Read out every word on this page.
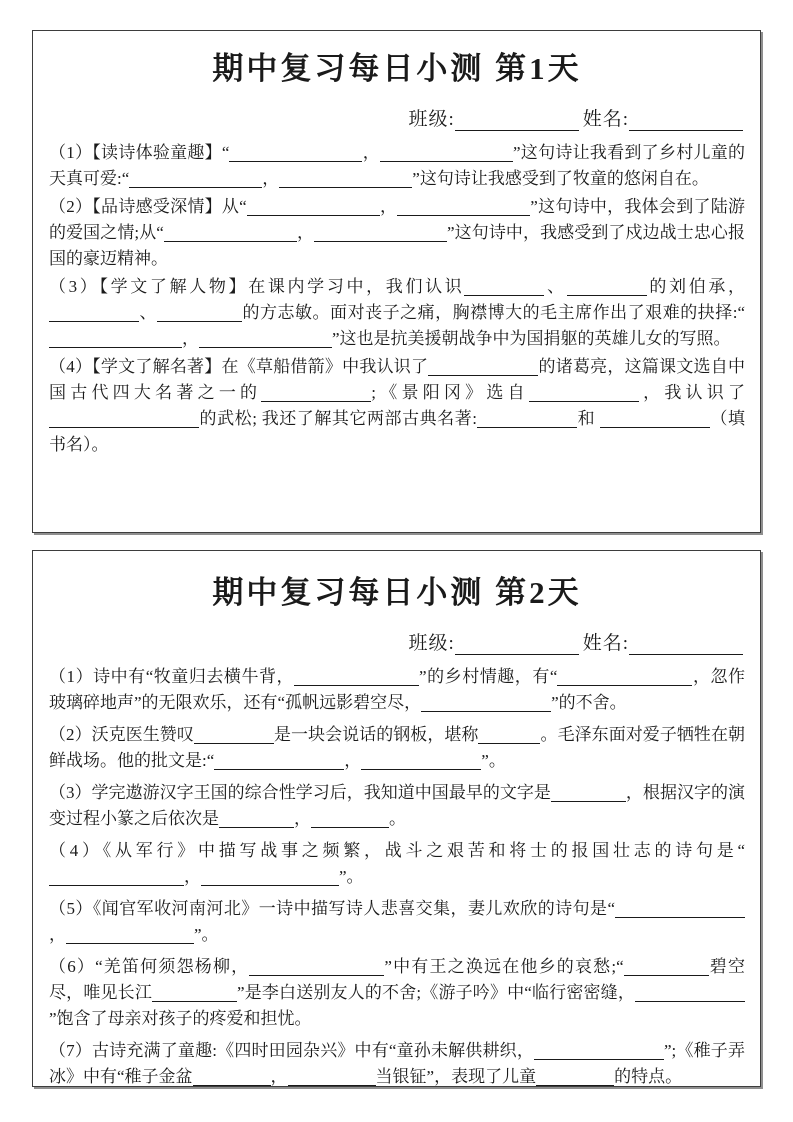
期中复习每日小测 第1天
班级:	姓名:

（1）【读诗体验童趣】“	，	”这句诗让我看到了乡村儿童的天真可爱:“	，	”这句诗让我感受到了牧童的悠闲自在。

（2）【品诗感受深情】从“	，	”这句诗中，我体会到了陆游的爱国之情;从“	，	”这句诗中，我感受到了戍边战士忠心报国的豪迈精神。

（3）【学文了解人物】在课内学习中，我们认识	、	的刘伯承，、	的方志敏。面对丧子之痛，胸襟博大的毛主席作出了艰难的抉择:“，	”这也是抗美援朝战争中为国捐躯的英雄儿女的写照。

（4）【学文了解名著】在《草船借箭》中我认识了	的诸葛亮，这篇课文选自中国古代四大名著之一的	;《景阳冈》选自	，我认识了的武松; 我还了解其它两部古典名著:	和	（填书名）。

期中复习每日小测 第2天
班级:	姓名:

（1）诗中有“牧童归去横牛背，	”的乡村情趣，有“	，忽作玻璃碎地声”的无限欢乐，还有“孤帆远影碧空尽，	”的不舍。

（2）沃克医生赞叹	是一块会说话的钢板，堪称	。毛泽东面对爱子牺牲在朝鲜战场。他的批文是:“	，	”。

（3）学完遨游汉字王国的综合性学习后，我知道中国最早的文字是	，根据汉字的演变过程小篆之后依次是	，	。

（4）《从军行》中描写战事之频繁，战斗之艰苦和将士的报国壮志的诗句是“，	”。

（5）《闻官军收河南河北》一诗中描写诗人悲喜交集，妻儿欢欣的诗句是“，	”。

（6）“羌笛何须怨杨柳，	”中有王之涣远在他乡的哀愁;“	碧空尽，唯见长江	”是李白送别友人的不舍;《游子吟》中“临行密密缝，”饱含了母亲对孩子的疼爱和担忧。

（7）古诗充满了童趣:《四时田园杂兴》中有“童孙未解供耕织，	”;《稚子弄冰》中有“稚子金盆	，	当银钲”，表现了儿童	的特点。
